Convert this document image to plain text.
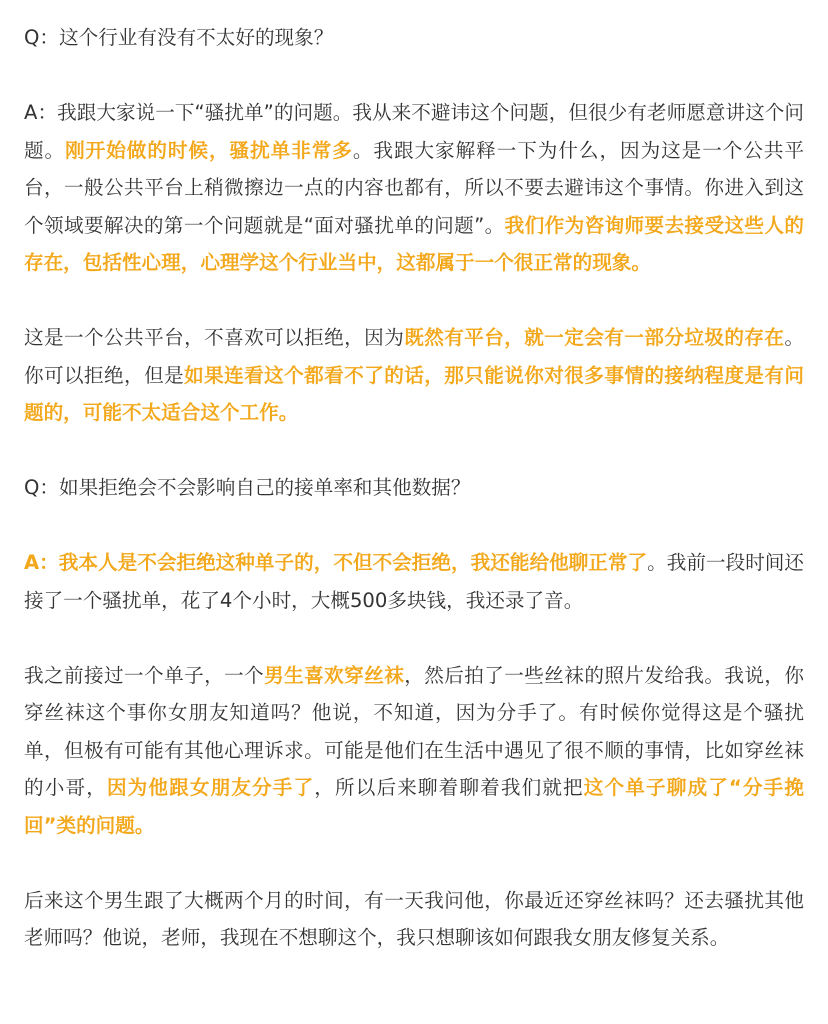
Q：这个行业有没有不太好的现象？

A：我跟大家说一下“骚扰单”的问题。我从来不避讳这个问题，但很少有老师愿意讲这个问题。刚开始做的时候，骚扰单非常多。我跟大家解释一下为什么，因为这是一个公共平台，一般公共平台上稍微擦边一点的内容也都有，所以不要去避讳这个事情。你进入到这个领域要解决的第一个问题就是“面对骚扰单的问题”。我们作为咨询师要去接受这些人的存在，包括性心理，心理学这个行业当中，这都属于一个很正常的现象。

这是一个公共平台，不喜欢可以拒绝，因为既然有平台，就一定会有一部分垃圾的存在。你可以拒绝，但是如果连看这个都看不了的话，那只能说你对很多事情的接纳程度是有问题的，可能不太适合这个工作。

Q：如果拒绝会不会影响自己的接单率和其他数据？

A：我本人是不会拒绝这种单子的，不但不会拒绝，我还能给他聊正常了。我前一段时间还接了一个骚扰单，花了4个小时，大概500多块钱，我还录了音。

我之前接过一个单子，一个男生喜欢穿丝袜，然后拍了一些丝袜的照片发给我。我说，你穿丝袜这个事你女朋友知道吗？他说，不知道，因为分手了。有时候你觉得这是个骚扰单，但极有可能有其他心理诉求。可能是他们在生活中遇见了很不顺的事情，比如穿丝袜的小哥，因为他跟女朋友分手了，所以后来聊着聊着我们就把这个单子聊成了“分手挽回”类的问题。

后来这个男生跟了大概两个月的时间，有一天我问他，你最近还穿丝袜吗？还去骚扰其他老师吗？他说，老师，我现在不想聊这个，我只想聊该如何跟我女朋友修复关系。
